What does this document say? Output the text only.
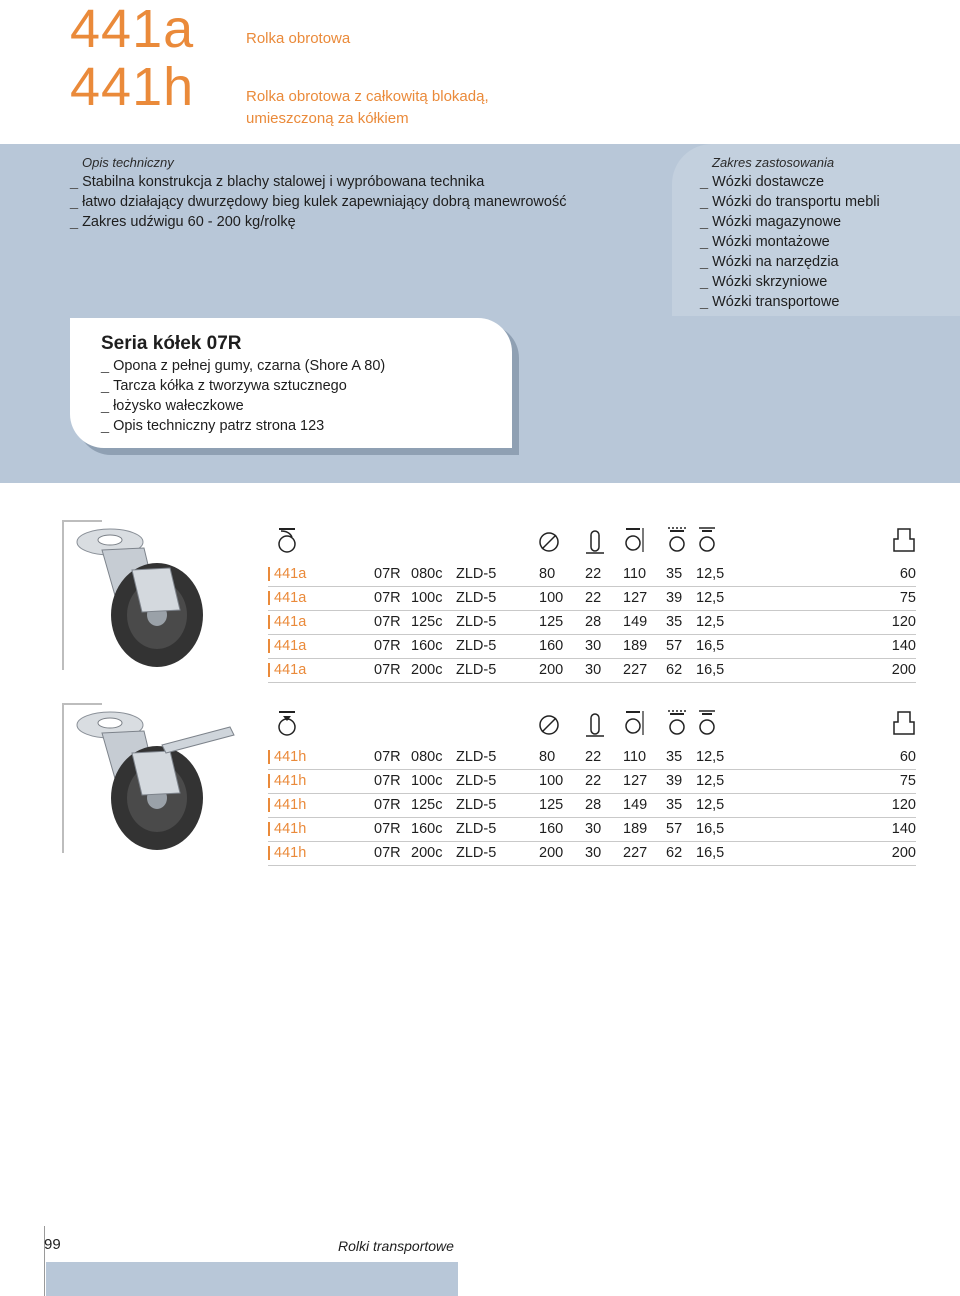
441a
441h
Rolka obrotowa
Rolka obrotowa z całkowitą blokadą,
umieszczoną za kółkiem
Opis techniczny
_ Stabilna konstrukcja z blachy stalowej i wypróbowana technika
_ łatwo działający dwurzędowy bieg kulek zapewniający dobrą manewrowość
_ Zakres udźwigu 60 - 200 kg/rolkę
Zakres zastosowania
_ Wózki dostawcze
_ Wózki do transportu mebli
_ Wózki magazynowe
_ Wózki montażowe
_ Wózki na narzędzia
_ Wózki skrzyniowe
_ Wózki transportowe
Seria kółek 07R
_ Opona z pełnej gumy, czarna (Shore A 80)
_ Tarcza kółka z tworzywa sztucznego
_ łożysko wałeczkowe
_ Opis techniczny patrz strona 123
441a	07R 080c ZLD-5	80 22 110 35 12,5	60
441a	07R 100c ZLD-5	100 22 127 39 12,5	75
441a	07R 125c ZLD-5	125 28 149 35 12,5	120
441a	07R 160c ZLD-5	160 30 189 57 16,5	140
441a	07R 200c ZLD-5	200 30 227 62 16,5	200
441h	07R 080c ZLD-5	80 22 110 35 12,5	60
441h	07R 100c ZLD-5	100 22 127 39 12,5	75
441h	07R 125c ZLD-5	125 28 149 35 12,5	120
441h	07R 160c ZLD-5	160 30 189 57 16,5	140
441h	07R 200c ZLD-5	200 30 227 62 16,5	200
99	Rolki transportowe
